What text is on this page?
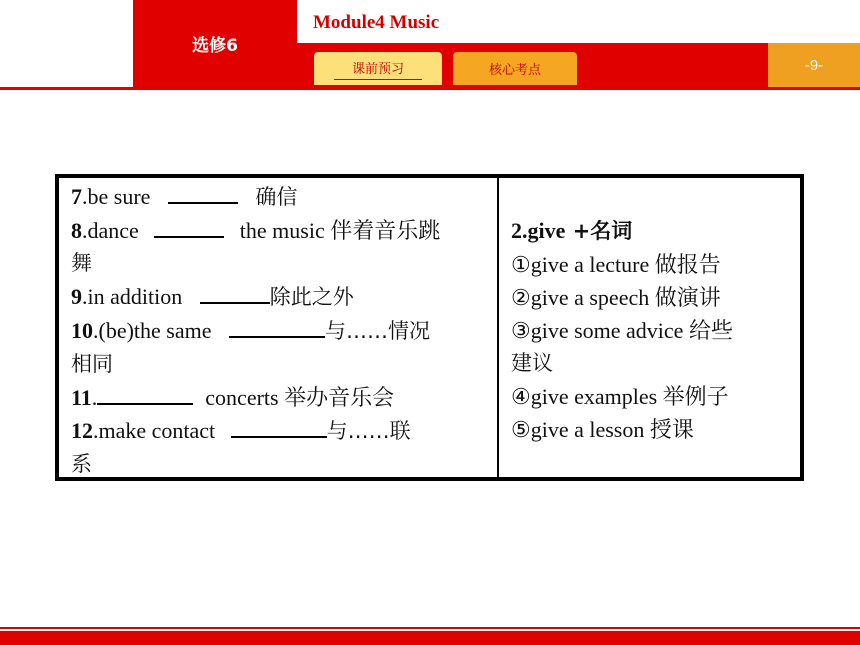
选修6
Module4 Music
课前预习	核心考点	-9-
7.be sure	确信
8.dance	the music 伴着音乐跳
舞
9.in addition	除此之外
10.(be)the same	与……情况
相同
11.	concerts 举办音乐会
12.make contact	与……联
系
2.give +名词
①give a lecture 做报告
②give a speech 做演讲
③give some advice 给些
建议
④give examples 举例子
⑤give a lesson 授课
